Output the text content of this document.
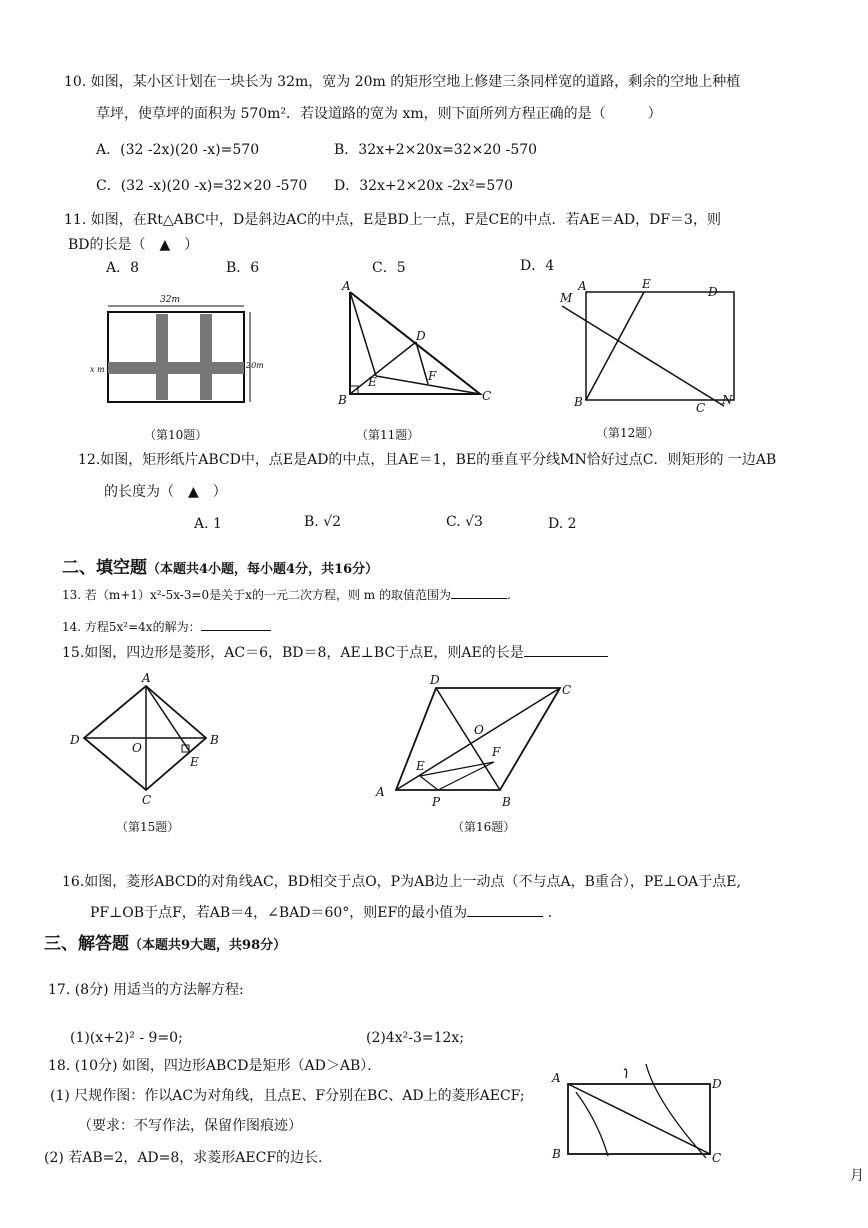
10. 如图，某小区计划在一块长为 32m，宽为 20m 的矩形空地上修建三条同样宽的道路，剩余的空地上种植
草坪，使草坪的面积为 570m²．若设道路的宽为 xm，则下面所列方程正确的是（　　　）
A．(32 -2x)(20 -x)=570	B．32x+2×20x=32×20 -570
C．(32 -x)(20 -x)=32×20 -570 D．32x+2×20x -2x²=570
11. 如图，在Rt△ABC中，D是斜边AC的中点，E是BD上一点，F是CE的中点．若AE＝AD，DF＝3，则
BD的长是（　▲　）
A．8	B．6	C．5	D．4
32m
20m
x m
（第10题）
A
B	C
D
E	F
（第11题）
M
A	E
D
B	C
N
（第12题）
12.如图，矩形纸片ABCD中，点E是AD的中点，且AE＝1，BE的垂直平分线MN恰好过点C．则矩形的 一边AB
的长度为（　▲　）
A. 1	B. √2	C. √3	D. 2
二、填空题（本题共4小题，每小题4分，共16分）
13. 若（m+1）x²-5x-3=0是关于x的一元二次方程，则 m 的取值范围为	.
14. 方程5x²=4x的解为：
15.如图，四边形是菱形，AC＝6，BD＝8，AE⊥BC于点E，则AE的长是
A
B
C
D
O
E
（第15题）
A
B
C
D
O
E
F
P
（第16题）
16.如图，菱形ABCD的对角线AC，BD相交于点O，P为AB边上一动点（不与点A，B重合），PE⊥OA于点E,
PF⊥OB于点F，若AB＝4，∠BAD＝60°，则EF的最小值为	.
三、解答题（本题共9大题，共98分）
17. (8分) 用适当的方法解方程:
(1)(x+2)² - 9=0;	(2)4x²-3=12x;
18. (10分) 如图，四边形ABCD是矩形（AD＞AB）．
(1) 尺规作图：作以AC为对角线，且点E、F分别在BC、AD上的菱形AECF;
（要求：不写作法，保留作图痕迹）
(2) 若AB=2，AD=8，求菱形AECF的边长.
A	D
B	C
月
